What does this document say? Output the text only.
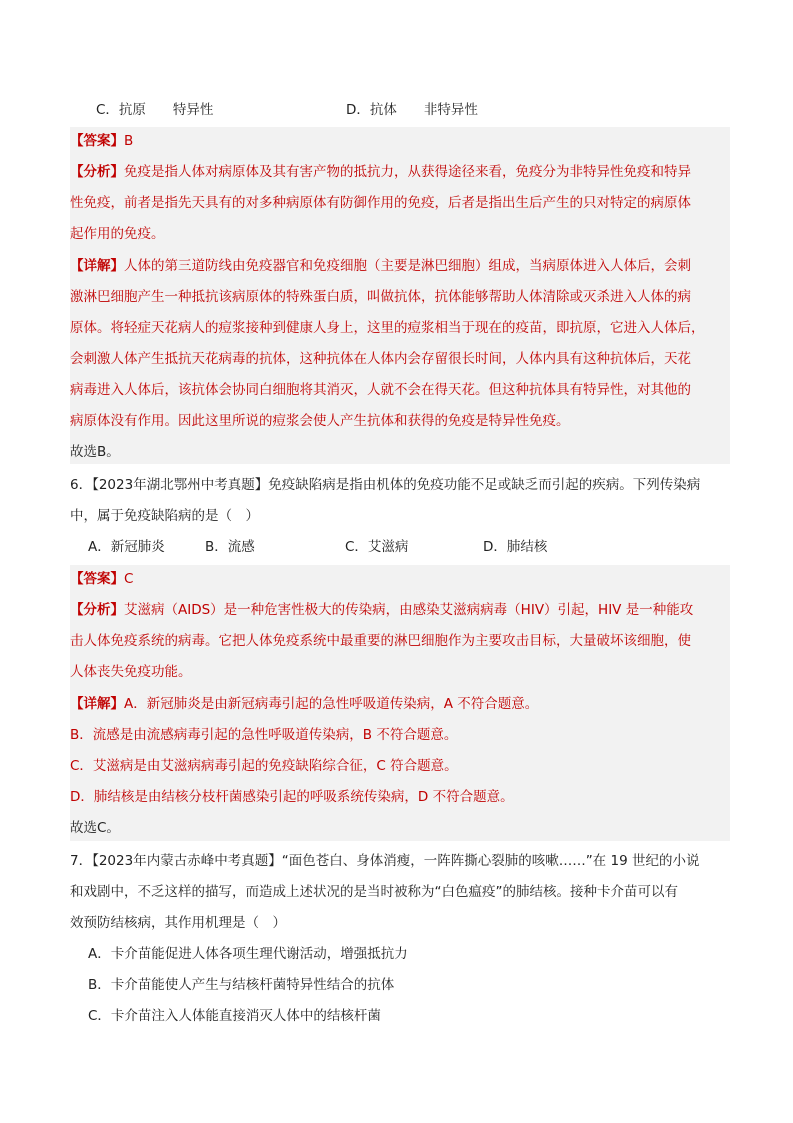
C．抗原　　特异性	D．抗体　　非特异性
【答案】B
【分析】免疫是指人体对病原体及其有害产物的抵抗力，从获得途径来看，免疫分为非特异性免疫和特异
性免疫，前者是指先天具有的对多种病原体有防御作用的免疫，后者是指出生后产生的只对特定的病原体
起作用的免疫。
【详解】人体的第三道防线由免疫器官和免疫细胞（主要是淋巴细胞）组成，当病原体进入人体后，会刺
激淋巴细胞产生一种抵抗该病原体的特殊蛋白质，叫做抗体，抗体能够帮助人体清除或灭杀进入人体的病
原体。将轻症天花病人的痘浆接种到健康人身上，这里的痘浆相当于现在的疫苗，即抗原，它进入人体后，
会刺激人体产生抵抗天花病毒的抗体，这种抗体在人体内会存留很长时间，人体内具有这种抗体后，天花
病毒进入人体后，该抗体会协同白细胞将其消灭，人就不会在得天花。但这种抗体具有特异性，对其他的
病原体没有作用。因此这里所说的痘浆会使人产生抗体和获得的免疫是特异性免疫。
故选B。
6．【2023年湖北鄂州中考真题】免疫缺陷病是指由机体的免疫功能不足或缺乏而引起的疾病。下列传染病
中，属于免疫缺陷病的是（　）
A．新冠肺炎	B．流感	C．艾滋病	D．肺结核
【答案】C
【分析】艾滋病（AIDS）是一种危害性极大的传染病，由感染艾滋病病毒（HIV）引起，HIV 是一种能攻
击人体免疫系统的病毒。它把人体免疫系统中最重要的淋巴细胞作为主要攻击目标，大量破坏该细胞，使
人体丧失免疫功能。
【详解】A．新冠肺炎是由新冠病毒引起的急性呼吸道传染病，A 不符合题意。
B．流感是由流感病毒引起的急性呼吸道传染病，B 不符合题意。
C．艾滋病是由艾滋病病毒引起的免疫缺陷综合征，C 符合题意。
D．肺结核是由结核分枝杆菌感染引起的呼吸系统传染病，D 不符合题意。
故选C。
7．【2023年内蒙古赤峰中考真题】“面色苍白、身体消瘦，一阵阵撕心裂肺的咳嗽……”在 19 世纪的小说
和戏剧中，不乏这样的描写，而造成上述状况的是当时被称为“白色瘟疫”的肺结核。接种卡介苗可以有
效预防结核病，其作用机理是（　）
A．卡介苗能促进人体各项生理代谢活动，增强抵抗力
B．卡介苗能使人产生与结核杆菌特异性结合的抗体
C．卡介苗注入人体能直接消灭人体中的结核杆菌
